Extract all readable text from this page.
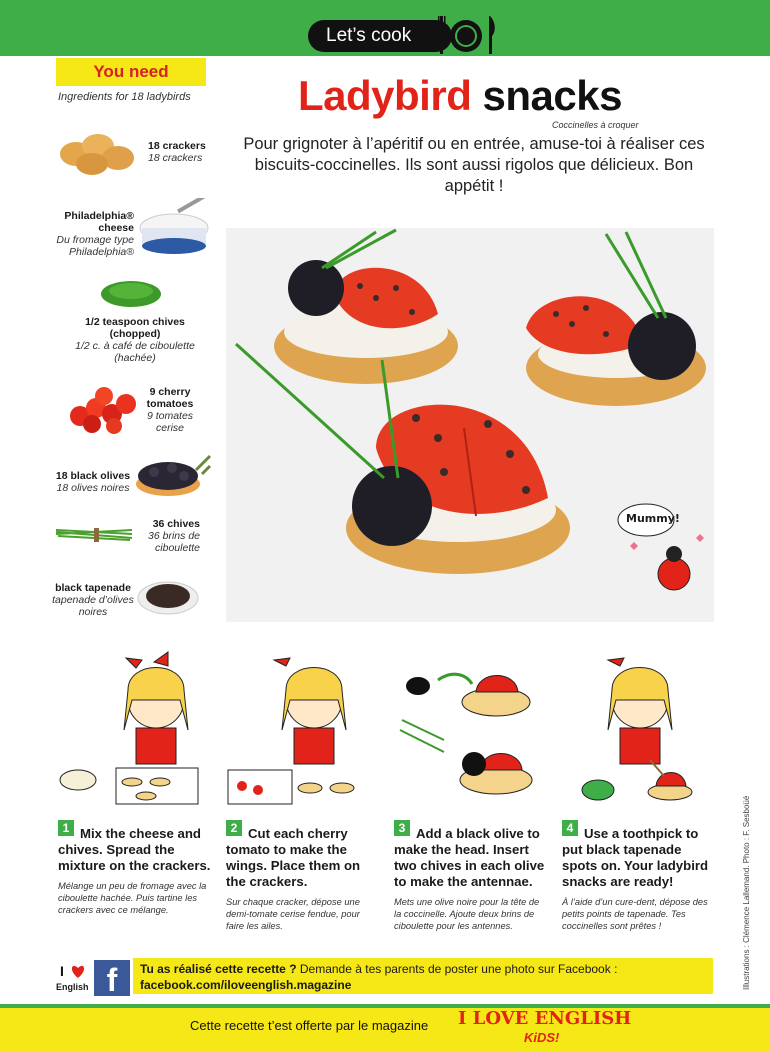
Let’s cook
You need
Ingredients for 18 ladybirds
18 crackers
18 crackers
Philadelphia® cheese
Du fromage type Philadelphia®
1/2 teaspoon chives (chopped)
1/2 c. à café de ciboulette (hachée)
9 cherry tomatoes
9 tomates cerise
18 black olives
18 olives noires
36 chives
36 brins de ciboulette
black tapenade
tapenade d’olives noires
Ladybird snacks
Coccinelles à croquer
Pour grignoter à l’apéritif ou en entrée, amuse-toi à réaliser ces biscuits-coccinelles. Ils sont aussi rigolos que délicieux. Bon appétit !
Mummy!
1 Mix the cheese and chives. Spread the mixture on the crackers.
Mélange un peu de fromage avec la ciboulette hachée. Puis tartine les crackers avec ce mélange.
2 Cut each cherry tomato to make the wings. Place them on the crackers.
Sur chaque cracker, dépose une demi-tomate cerise fendue, pour faire les ailes.
3 Add a black olive to make the head. Insert two chives in each olive to make the antennae.
Mets une olive noire pour la tête de la coccinelle. Ajoute deux brins de ciboulette pour les antennes.
4 Use a toothpick to put black tapenade spots on. Your ladybird snacks are ready!
À l’aide d’un cure-dent, dépose des petits points de tapenade. Tes coccinelles sont prêtes !
I
English f	Tu as réalisé cette recette ? Demande à tes parents de poster une photo sur Facebook :
facebook.com/iloveenglish.magazine
Cette recette t’est offerte par le magazine I LOVE ENGLISH
KiDS!
Illustrations : Clémence Lallemand. Photo : F. Sesboüé
